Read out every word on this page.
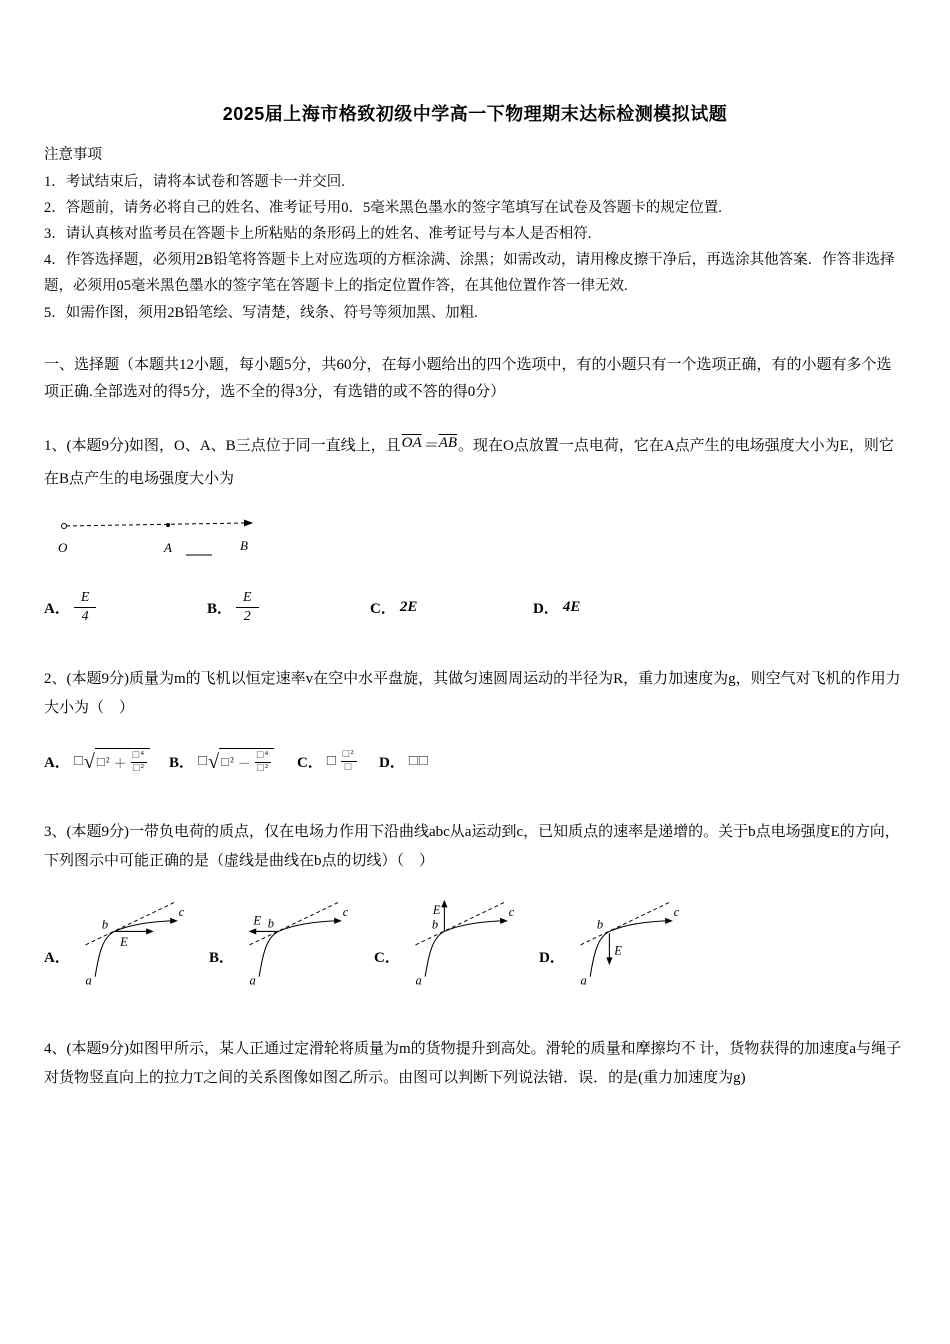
2025届上海市格致初级中学高一下物理期末达标检测模拟试题
注意事项
1．考试结束后，请将本试卷和答题卡一并交回.
2．答题前，请务必将自己的姓名、准考证号用0．5毫米黑色墨水的签字笔填写在试卷及答题卡的规定位置.
3．请认真核对监考员在答题卡上所粘贴的条形码上的姓名、准考证号与本人是否相符.
4．作答选择题，必须用2B铅笔将答题卡上对应选项的方框涂满、涂黑；如需改动，请用橡皮擦干净后，再选涂其他答案．作答非选择题，必须用05毫米黑色墨水的签字笔在答题卡上的指定位置作答，在其他位置作答一律无效.
5．如需作图，须用2B铅笔绘、写清楚，线条、符号等须加黑、加粗.
一、选择题（本题共12小题，每小题5分，共60分，在每小题给出的四个选项中，有的小题只有一个选项正确，有的小题有多个选项正确.全部选对的得5分，选不全的得3分，有选错的或不答的得0分）

1、(本题9分)如图，O、A、B三点位于同一直线上，且$\overline{OA}=\overline{AB}$。现在O点放置一点电荷，它在A点产生的电场强度大小为E，则它在B点产生的电场强度大小为

O	A	B
A． $\frac{E}{4}$	B． $\frac{E}{2}$	C． 2E	D． 4E

2、(本题9分)质量为m的飞机以恒定速率v在空中水平盘旋，其做匀速圆周运动的半径为R，重力加速度为g，则空气对飞机的作用力大小为（　）

A． □ √ □² ＋
□⁴
□² B． □ √ □² －
□⁴
□² C． □
□²
□ D． □□

3、(本题9分)一带负电荷的质点，仅在电场力作用下沿曲线abc从a运动到c，已知质点的速率是递增的。关于b点电场强度E的方向，下列图示中可能正确的是（虚线是曲线在b点的切线）（　）

A．
a
b
c
E
B．
a
b
c
E
C．
a
b
c
E
D．
a
b
c
E

4、(本题9分)如图甲所示，某人正通过定滑轮将质量为m的货物提升到高处。滑轮的质量和摩擦均不 计，货物获得的加速度a与绳子对货物竖直向上的拉力T之间的关系图像如图乙所示。由图可以判断下列说法错．误．的是(重力加速度为g)
